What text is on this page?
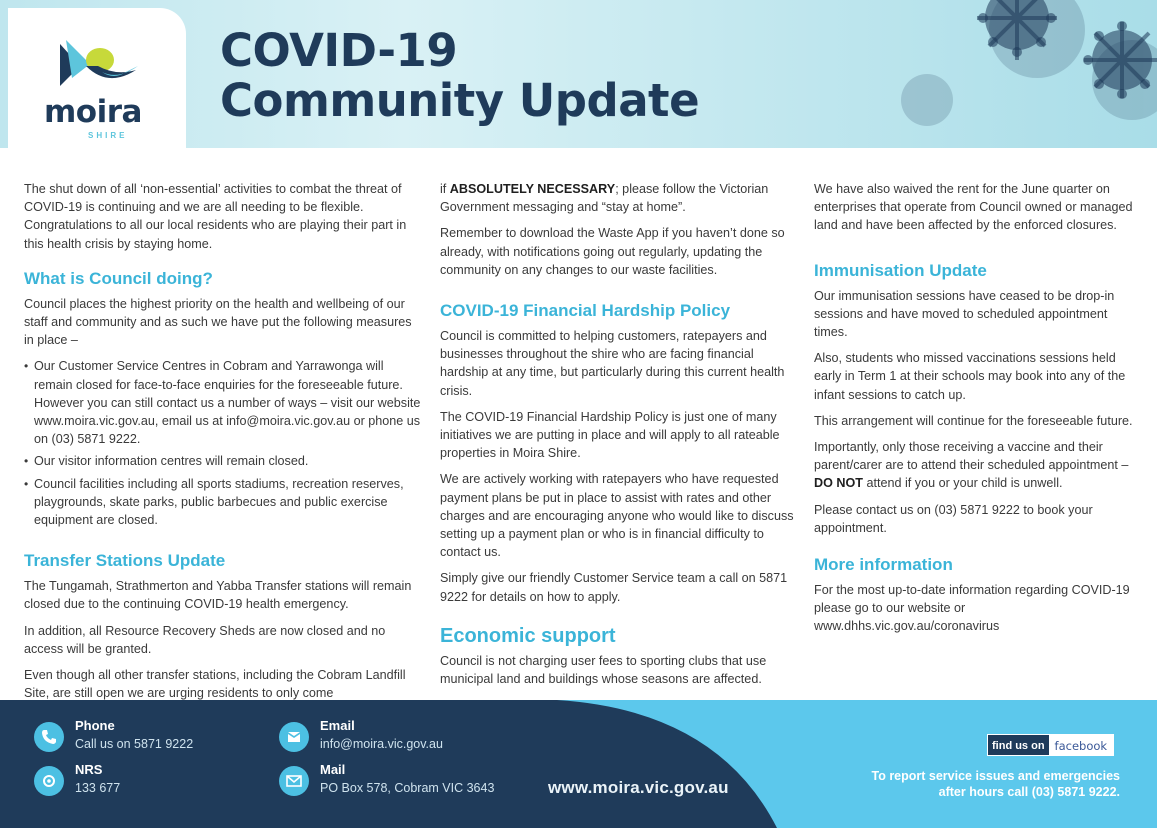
moira
SHIRE
COVID-19
Community Update

The shut down of all ‘non-essential’ activities to combat the threat of COVID-19 is continuing and we are all needing to be flexible. Congratulations to all our local residents who are playing their part in this health crisis by staying home.

What is Council doing?

Council places the highest priority on the health and wellbeing of our staff and community and as such we have put the following measures in place –

• Our Customer Service Centres in Cobram and Yarrawonga will remain closed for face-to-face enquiries for the foreseeable future. However you can still contact us a number of ways – visit our website www.moira.vic.gov.au, email us at info@moira.vic.gov.au or phone us on (03) 5871 9222.
• Our visitor information centres will remain closed.
• Council facilities including all sports stadiums, recreation reserves, playgrounds, skate parks, public barbecues and public exercise equipment are closed.
Transfer Stations Update

The Tungamah, Strathmerton and Yabba Transfer stations will remain closed due to the continuing COVID-19 health emergency.

In addition, all Resource Recovery Sheds are now closed and no access will be granted.

Even though all other transfer stations, including the Cobram Landfill Site, are still open we are urging residents to only come

if ABSOLUTELY NECESSARY; please follow the Victorian Government messaging and “stay at home”.

Remember to download the Waste App if you haven’t done so already, with notifications going out regularly, updating the community on any changes to our waste facilities.

COVID-19 Financial Hardship Policy

Council is committed to helping customers, ratepayers and businesses throughout the shire who are facing financial hardship at any time, but particularly during this current health crisis.

The COVID-19 Financial Hardship Policy is just one of many initiatives we are putting in place and will apply to all rateable properties in Moira Shire.

We are actively working with ratepayers who have requested payment plans be put in place to assist with rates and other charges and are encouraging anyone who would like to discuss setting up a payment plan or who is in financial difficulty to contact us.

Simply give our friendly Customer Service team a call on 5871 9222 for details on how to apply.

Economic support

Council is not charging user fees to sporting clubs that use municipal land and buildings whose seasons are affected.

We have also waived the rent for the June quarter on enterprises that operate from Council owned or managed land and have been affected by the enforced closures.

Immunisation Update

Our immunisation sessions have ceased to be drop-in sessions and have moved to scheduled appointment times.

Also, students who missed vaccinations sessions held early in Term 1 at their schools may book into any of the infant sessions to catch up.

This arrangement will continue for the foreseeable future.

Importantly, only those receiving a vaccine and their parent/carer are to attend their scheduled appointment – DO NOT attend if you or your child is unwell.

Please contact us on (03) 5871 9222 to book your appointment.

More information

For the most up-to-date information regarding COVID-19 please go to our website or www.dhhs.vic.gov.au/coronavirus

Phone
Call us on 5871 9222
NRS
133 677
Email
info@moira.vic.gov.au
Mail
PO Box 578, Cobram VIC 3643	www.moira.vic.gov.au
find us on facebook
To report service issues and emergencies
after hours call (03) 5871 9222.
